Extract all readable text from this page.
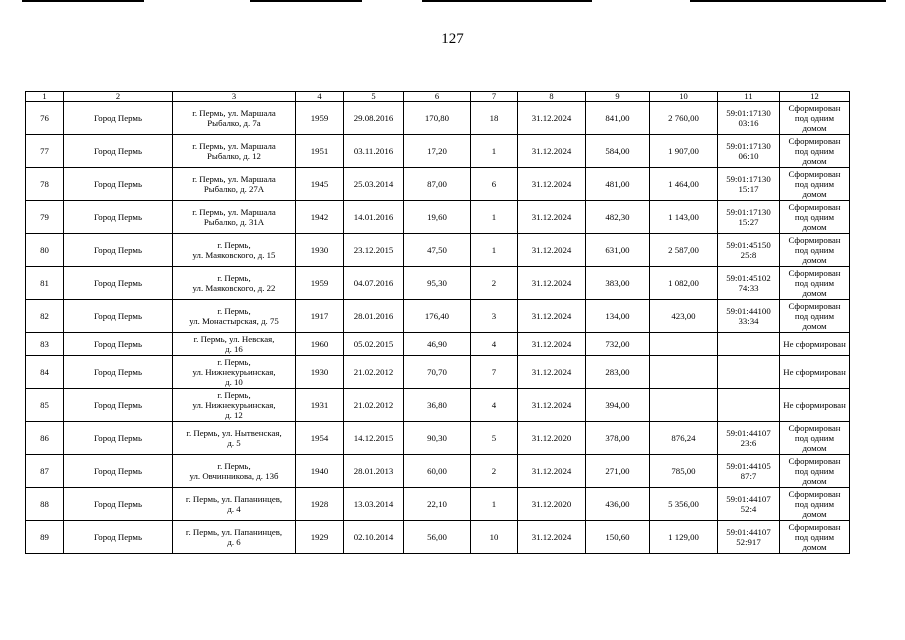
127
1	2	3	4	5	6	7	8	9	10	11	12
76	Город Пермь	г. Пермь, ул. Маршала
Рыбалко, д. 7а	1959	29.08.2016	170,80	18	31.12.2024	841,00	2 760,00	59:01:17130
03:16	Сформирован
под одним
домом
77	Город Пермь	г. Пермь, ул. Маршала
Рыбалко, д. 12	1951	03.11.2016	17,20	1	31.12.2024	584,00	1 907,00	59:01:17130
06:10	Сформирован
под одним
домом
78	Город Пермь	г. Пермь, ул. Маршала
Рыбалко, д. 27А	1945	25.03.2014	87,00	6	31.12.2024	481,00	1 464,00	59:01:17130
15:17	Сформирован
под одним
домом
79	Город Пермь	г. Пермь, ул. Маршала
Рыбалко, д. 31А	1942	14.01.2016	19,60	1	31.12.2024	482,30	1 143,00	59:01:17130
15:27	Сформирован
под одним
домом
80	Город Пермь	г. Пермь,
ул. Маяковского, д. 15	1930	23.12.2015	47,50	1	31.12.2024	631,00	2 587,00	59:01:45150
25:8	Сформирован
под одним
домом
81	Город Пермь	г. Пермь,
ул. Маяковского, д. 22	1959	04.07.2016	95,30	2	31.12.2024	383,00	1 082,00	59:01:45102
74:33	Сформирован
под одним
домом
82	Город Пермь	г. Пермь,
ул. Монастырская, д. 75	1917	28.01.2016	176,40	3	31.12.2024	134,00	423,00	59:01:44100
33:34	Сформирован
под одним
домом
83	Город Пермь	г. Пермь, ул. Невская,
д. 16	1960	05.02.2015	46,90	4	31.12.2024	732,00			Не сформирован
84	Город Пермь	г. Пермь,
ул. Нижнекурьинская,
д. 10	1930	21.02.2012	70,70	7	31.12.2024	283,00			Не сформирован
85	Город Пермь	г. Пермь,
ул. Нижнекурьинская,
д. 12	1931	21.02.2012	36,80	4	31.12.2024	394,00			Не сформирован
86	Город Пермь	г. Пермь, ул. Нытвенская,
д. 5	1954	14.12.2015	90,30	5	31.12.2020	378,00	876,24	59:01:44107
23:6	Сформирован
под одним
домом
87	Город Пермь	г. Пермь,
ул. Овчинникова, д. 13б	1940	28.01.2013	60,00	2	31.12.2024	271,00	785,00	59:01:44105
87:7	Сформирован
под одним
домом
88	Город Пермь	г. Пермь, ул. Папанинцев,
д. 4	1928	13.03.2014	22,10	1	31.12.2020	436,00	5 356,00	59:01:44107
52:4	Сформирован
под одним
домом
89	Город Пермь	г. Пермь, ул. Папанинцев,
д. 6	1929	02.10.2014	56,00	10	31.12.2024	150,60	1 129,00	59:01:44107
52:917	Сформирован
под одним
домом
